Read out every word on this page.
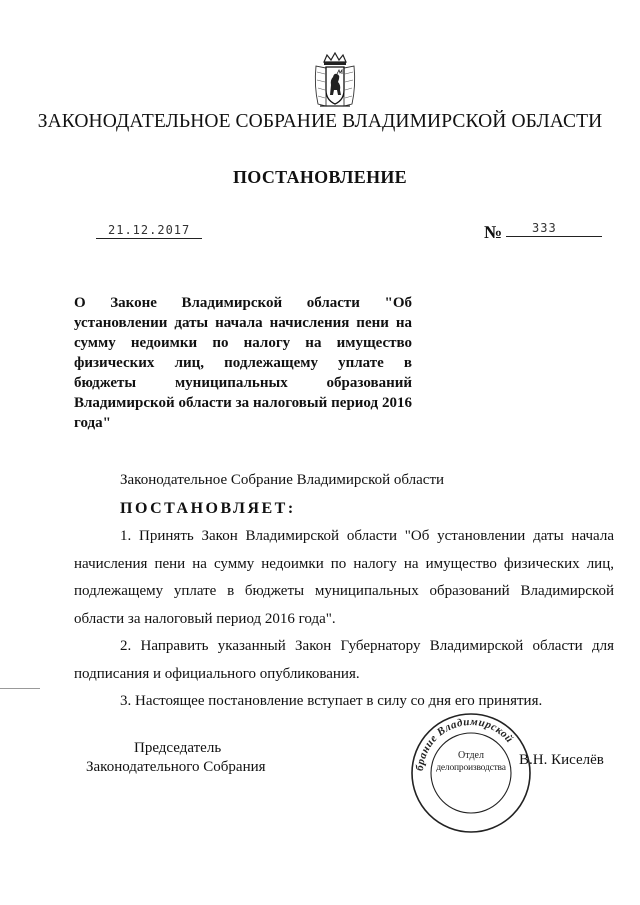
ЗАКОНОДАТЕЛЬНОЕ СОБРАНИЕ ВЛАДИМИРСКОЙ ОБЛАСТИ
ПОСТАНОВЛЕНИЕ
21.12.2017	№ 333
О Законе Владимирской области "Об установлении даты начала начисления пени на сумму недоимки по налогу на имущество физических лиц, подлежащему уплате в бюджеты муниципальных образований Владимирской области за налоговый период 2016 года"

Законодательное Собрание Владимирской области ПОСТАНОВЛЯЕТ:

1. Принять Закон Владимирской области "Об установлении даты начала начисления пени на сумму недоимки по налогу на имущество физических лиц, подлежащему уплате в бюджеты муниципальных образований Владимирской области за налоговый период 2016 года".

2. Направить указанный Закон Губернатору Владимирской области для подписания и официального опубликования.

3. Настоящее постановление вступает в силу со дня его принятия.

Председатель
Законодательного Собрания	брание Владимирской
Отдел
делопроизводства В.Н. Киселёв
